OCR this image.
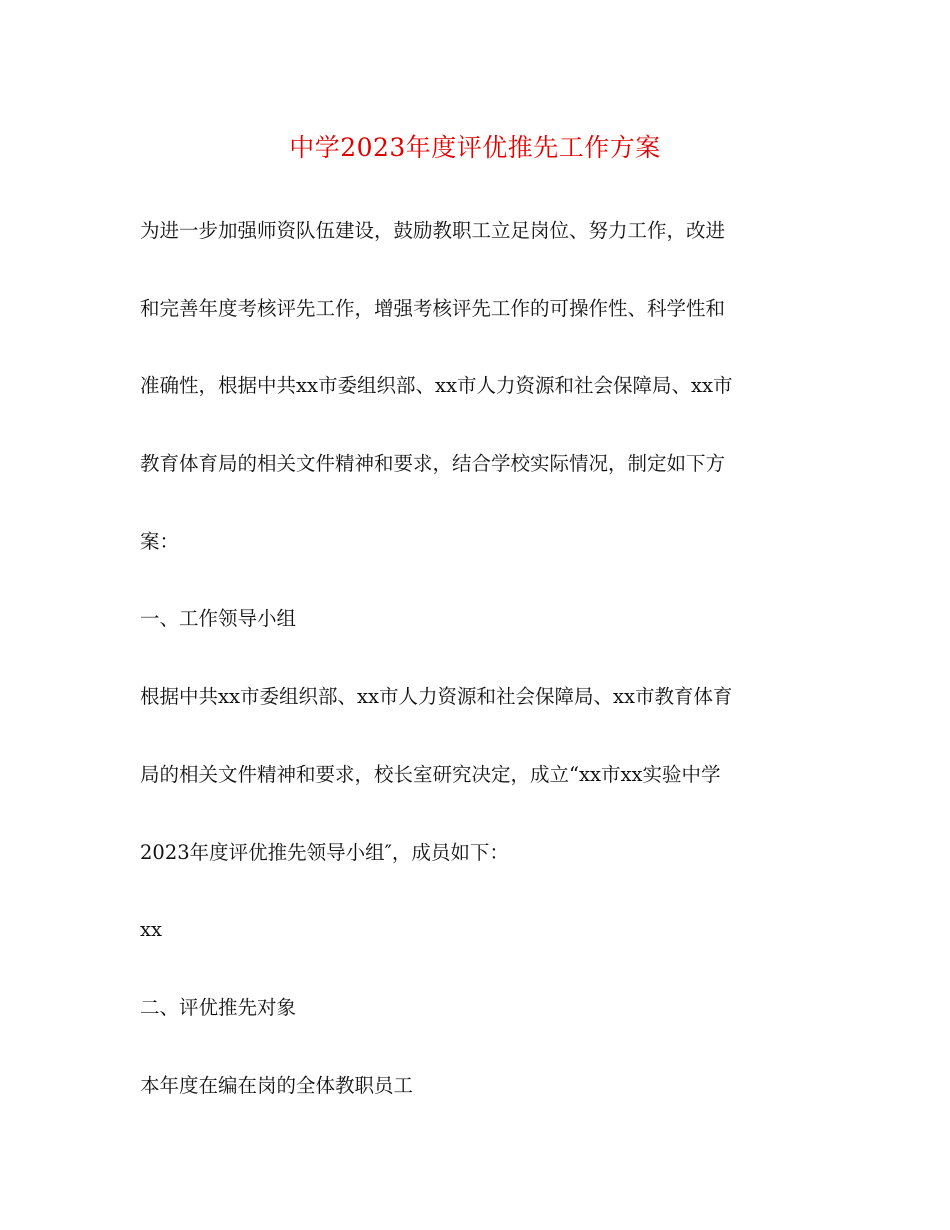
中学2023年度评优推先工作方案
为进一步加强师资队伍建设，鼓励教职工立足岗位、努力工作，改进
和完善年度考核评先工作，增强考核评先工作的可操作性、科学性和
准确性，根据中共xx市委组织部、xx市人力资源和社会保障局、xx市
教育体育局的相关文件精神和要求，结合学校实际情况，制定如下方
案：
一、工作领导小组
根据中共xx市委组织部、xx市人力资源和社会保障局、xx市教育体育
局的相关文件精神和要求，校长室研究决定，成立“xx市xx实验中学
2023年度评优推先领导小组″，成员如下：
xx
二、评优推先对象
本年度在编在岗的全体教职员工
